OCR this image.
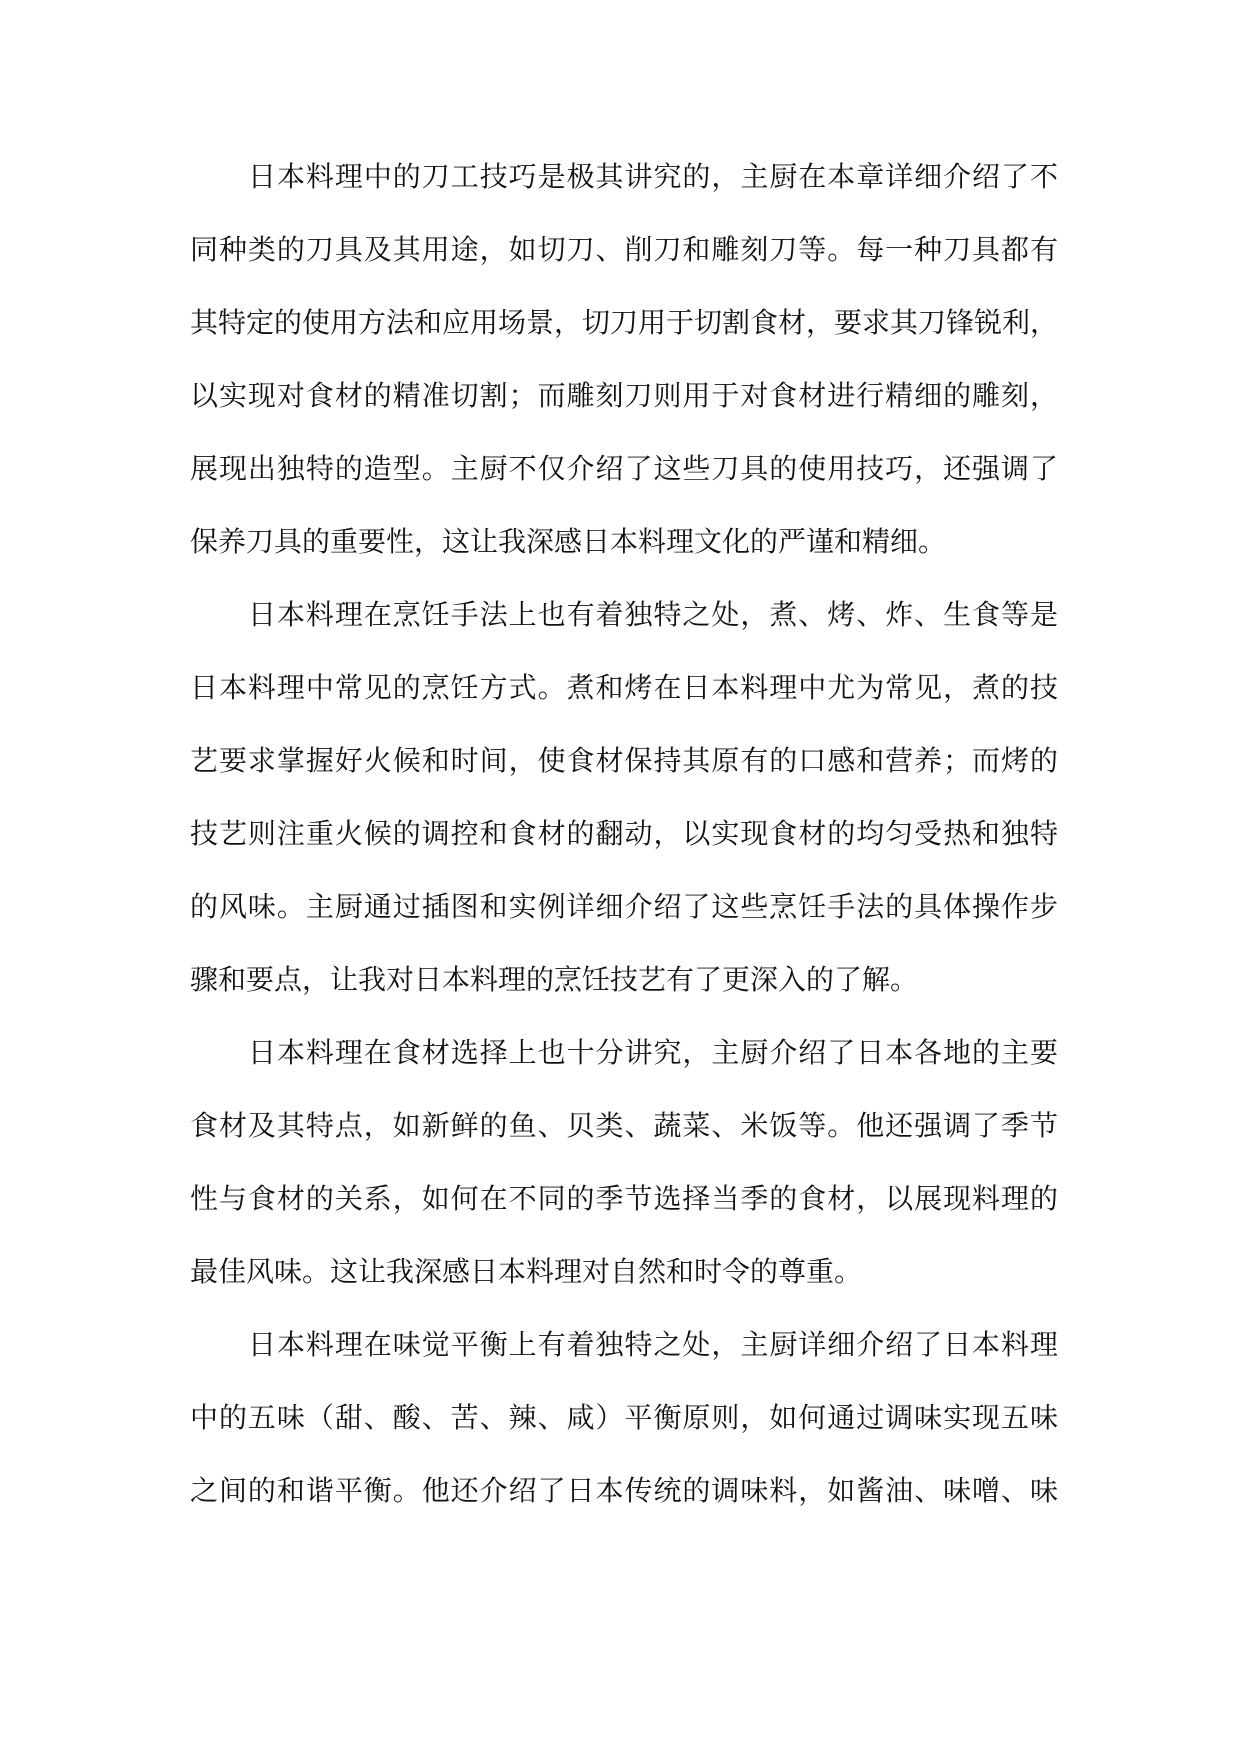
日本料理中的刀工技巧是极其讲究的，主厨在本章详细介绍了不
同种类的刀具及其用途，如切刀、削刀和雕刻刀等。每一种刀具都有
其特定的使用方法和应用场景，切刀用于切割食材，要求其刀锋锐利，
以实现对食材的精准切割；而雕刻刀则用于对食材进行精细的雕刻，
展现出独特的造型。主厨不仅介绍了这些刀具的使用技巧，还强调了
保养刀具的重要性，这让我深感日本料理文化的严谨和精细。
日本料理在烹饪手法上也有着独特之处，煮、烤、炸、生食等是
日本料理中常见的烹饪方式。煮和烤在日本料理中尤为常见，煮的技
艺要求掌握好火候和时间，使食材保持其原有的口感和营养；而烤的
技艺则注重火候的调控和食材的翻动，以实现食材的均匀受热和独特
的风味。主厨通过插图和实例详细介绍了这些烹饪手法的具体操作步
骤和要点，让我对日本料理的烹饪技艺有了更深入的了解。
日本料理在食材选择上也十分讲究，主厨介绍了日本各地的主要
食材及其特点，如新鲜的鱼、贝类、蔬菜、米饭等。他还强调了季节
性与食材的关系，如何在不同的季节选择当季的食材，以展现料理的
最佳风味。这让我深感日本料理对自然和时令的尊重。
日本料理在味觉平衡上有着独特之处，主厨详细介绍了日本料理
中的五味（甜、酸、苦、辣、咸）平衡原则，如何通过调味实现五味
之间的和谐平衡。他还介绍了日本传统的调味料，如酱油、味噌、味
